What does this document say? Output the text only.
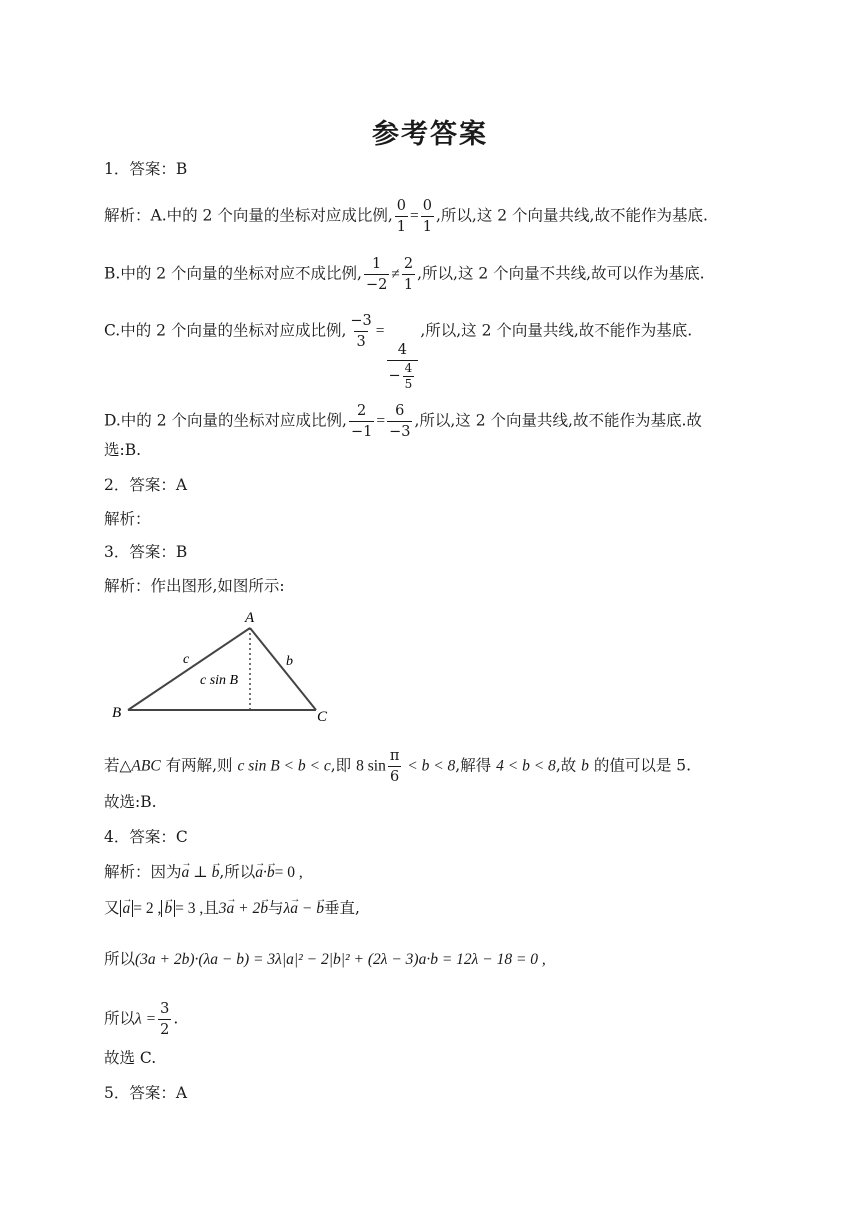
参考答案
1．答案：B
解析：A.中的 2 个向量的坐标对应成比例, $\frac{0}{1} = \frac{0}{1}$ ,所以,这 2 个向量共线,故不能作为基底.
B.中的 2 个向量的坐标对应不成比例, $\frac{1}{-2} \ne \frac{2}{1}$ ,所以,这 2 个向量不共线,故可以作为基底.
C.中的 2 个向量的坐标对应成比例, $\frac{-3}{3}$ =
$\frac{4}{- \frac{4}{5}}$
,所以,这 2 个向量共线,故不能作为基底.
D.中的 2 个向量的坐标对应成比例, $\frac{2}{-1} = \frac{6}{-3}$ ,所以,这 2 个向量共线,故不能作为基底.故
选:B.
2．答案：A
解析：
3．答案：B
解析：作出图形,如图所示:
A
B	C
c	b
c sin B
若△ABC 有两解,则 c sin B < b < c,即 8 $\sin \frac{\pi}{6} < b < 8$,解得 4 < b < 8,故 b 的值可以是 5.
故选:B.
4．答案：C
解析：因为→ a ⊥ → b,所以→ a·→ b= 0 ,
又 → a = 2 , → b = 3 ,且3→ a + 2→ b与λ→ a − → b垂直,
所以(3a + 2b)·(λa − b) = 3λ|a|² − 2|b|² + (2λ − 3)a·b = 12λ − 18 = 0 ,
所以$\lambda = \frac{3}{2}$ .
故选 C.
5．答案：A
